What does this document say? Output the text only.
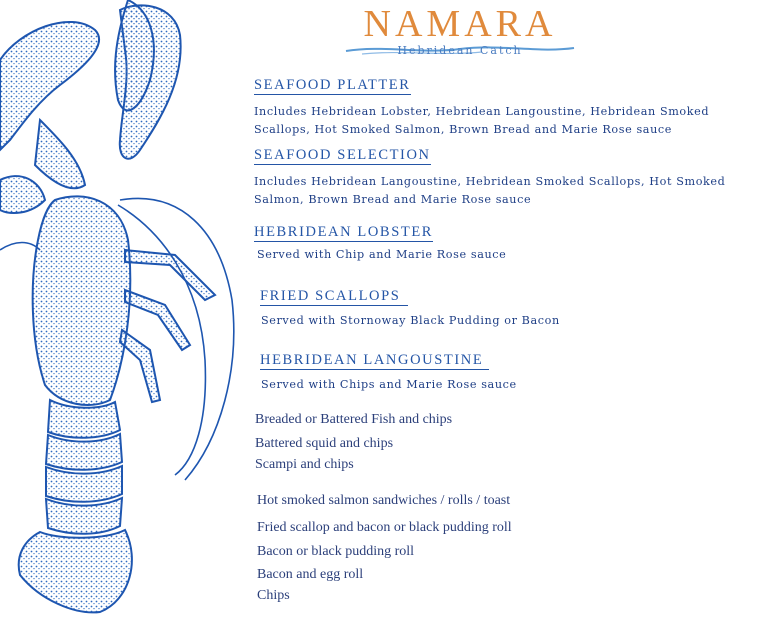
NAMARA
Hebridean Catch
SEAFOOD PLATTER
Includes Hebridean Lobster, Hebridean Langoustine, Hebridean Smoked Scallops, Hot Smoked Salmon, Brown Bread and Marie Rose sauce
SEAFOOD SELECTION
Includes Hebridean Langoustine, Hebridean Smoked Scallops, Hot Smoked Salmon, Brown Bread and Marie Rose sauce
HEBRIDEAN LOBSTER
Served with Chip and Marie Rose sauce
FRIED SCALLOPS
Served with Stornoway Black Pudding or Bacon
HEBRIDEAN LANGOUSTINE
Served with Chips and Marie Rose sauce
Breaded or Battered Fish and chips
Battered squid and chips
Scampi and chips
Hot smoked salmon sandwiches / rolls / toast
Fried scallop and bacon or black pudding roll
Bacon or black pudding roll
Bacon and egg roll
Chips
